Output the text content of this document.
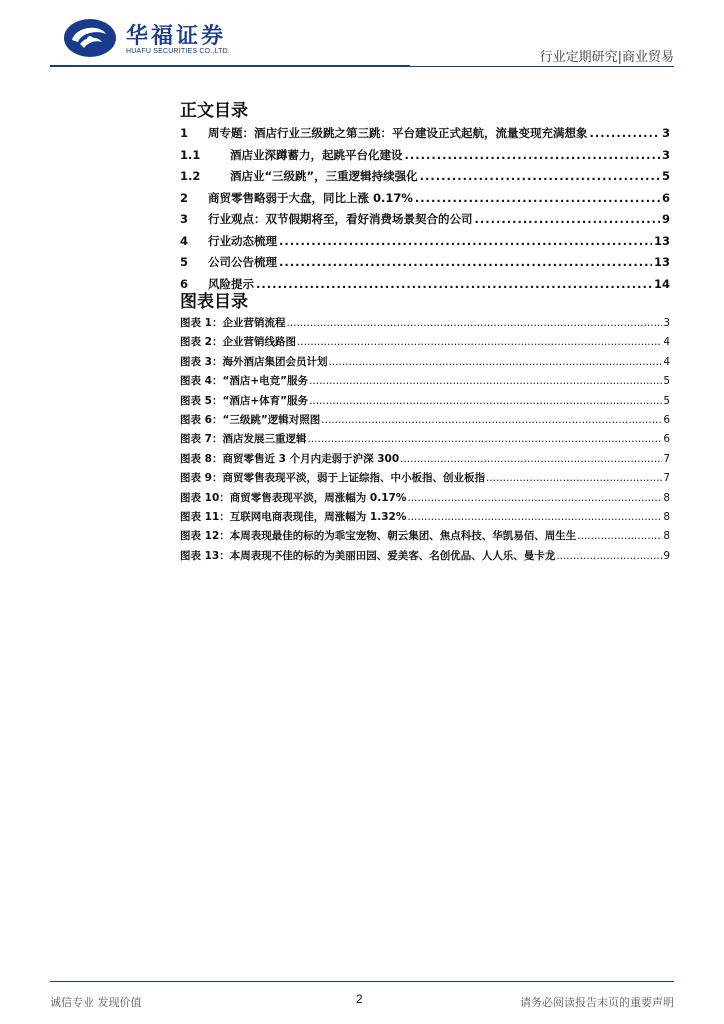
华福证券
HUAFU SECURITIES CO.,LTD.	行业定期研究|商业贸易
正文目录
1	周专题：酒店行业三级跳之第三跳：平台建设正式起航，流量变现充满想象 .....	3
1.1	酒店业深蹲蓄力，起跳平台化建设 .....	3
1.2	酒店业“三级跳”，三重逻辑持续强化 .....	5
2	商贸零售略弱于大盘，同比上涨 0.17% .....	6
3	行业观点：双节假期将至，看好消费场景契合的公司 .....	9
4	行业动态梳理 .....	13
5	公司公告梳理 .....	13
6	风险提示 .....	14
图表目录
图表 1：企业营销流程 .....	3
图表 2：企业营销线路图 .....	4
图表 3：海外酒店集团会员计划 .....	4
图表 4：“酒店+电竞”服务 .....	5
图表 5：“酒店+体育”服务 .....	5
图表 6：“三级跳”逻辑对照图 .....	6
图表 7：酒店发展三重逻辑 .....	6
图表 8：商贸零售近 3 个月内走弱于沪深 300 .....	7
图表 9：商贸零售表现平淡，弱于上证综指、中小板指、创业板指 .....	7
图表 10：商贸零售表现平淡，周涨幅为 0.17% .....	8
图表 11：互联网电商表现佳，周涨幅为 1.32% .....	8
图表 12：本周表现最佳的标的为乖宝宠物、朝云集团、焦点科技、华凯易佰、周生生 .....	8
图表 13：本周表现不佳的标的为美丽田园、爱美客、名创优品、人人乐、曼卡龙 .....	9
诚信专业 发现价值	2	请务必阅读报告末页的重要声明
